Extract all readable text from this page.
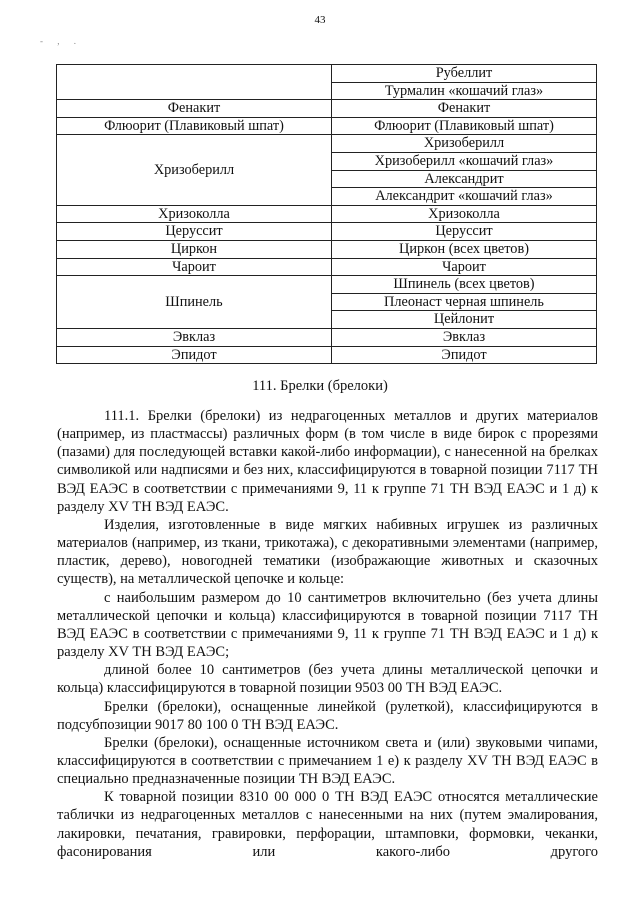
43
- , .
	Рубеллит
	Турмалин «кошачий глаз»
Фенакит	Фенакит
Флюорит (Плавиковый шпат)	Флюорит (Плавиковый шпат)
Хризоберилл	Хризоберилл
	Хризоберилл «кошачий глаз»
	Александрит
	Александрит «кошачий глаз»
Хризоколла	Хризоколла
Церуссит	Церуссит
Циркон	Циркон (всех цветов)
Чароит	Чароит
Шпинель	Шпинель (всех цветов)
	Плеонаст черная шпинель
	Цейлонит
Эвклаз	Эвклаз
Эпидот	Эпидот
111. Брелки (брелоки)

111.1. Брелки (брелоки) из недрагоценных металлов и других материалов (например, из пластмассы) различных форм (в том числе в виде бирок с прорезями (пазами) для последующей вставки какой-либо информации), с нанесенной на брелках символикой или надписями и без них, классифицируются в товарной позиции 7117 ТН ВЭД ЕАЭС в соответствии с примечаниями 9, 11 к группе 71 ТН ВЭД ЕАЭС и 1 д) к разделу XV ТН ВЭД ЕАЭС.

Изделия, изготовленные в виде мягких набивных игрушек из различных материалов (например, из ткани, трикотажа), с декоративными элементами (например, пластик, дерево), новогодней тематики (изображающие животных и сказочных существ), на металлической цепочке и кольце:

с наибольшим размером до 10 сантиметров включительно (без учета длины металлической цепочки и кольца) классифицируются в товарной позиции 7117 ТН ВЭД ЕАЭС в соответствии с примечаниями 9, 11 к группе 71 ТН ВЭД ЕАЭС и 1 д) к разделу XV ТН ВЭД ЕАЭС;

длиной более 10 сантиметров (без учета длины металлической цепочки и кольца) классифицируются в товарной позиции 9503 00 ТН ВЭД ЕАЭС.

Брелки (брелоки), оснащенные линейкой (рулеткой), классифицируются в подсубпозиции 9017 80 100 0 ТН ВЭД ЕАЭС.

Брелки (брелоки), оснащенные источником света и (или) звуковыми чипами, классифицируются в соответствии с примечанием 1 е) к разделу XV ТН ВЭД ЕАЭС в специально предназначенные позиции ТН ВЭД ЕАЭС.

К товарной позиции 8310 00 000 0 ТН ВЭД ЕАЭС относятся металлические таблички из недрагоценных металлов с нанесенными на них (путем эмалирования, лакировки, печатания, гравировки, перфорации, штамповки, формовки, чеканки, фасонирования или какого-либо другого
